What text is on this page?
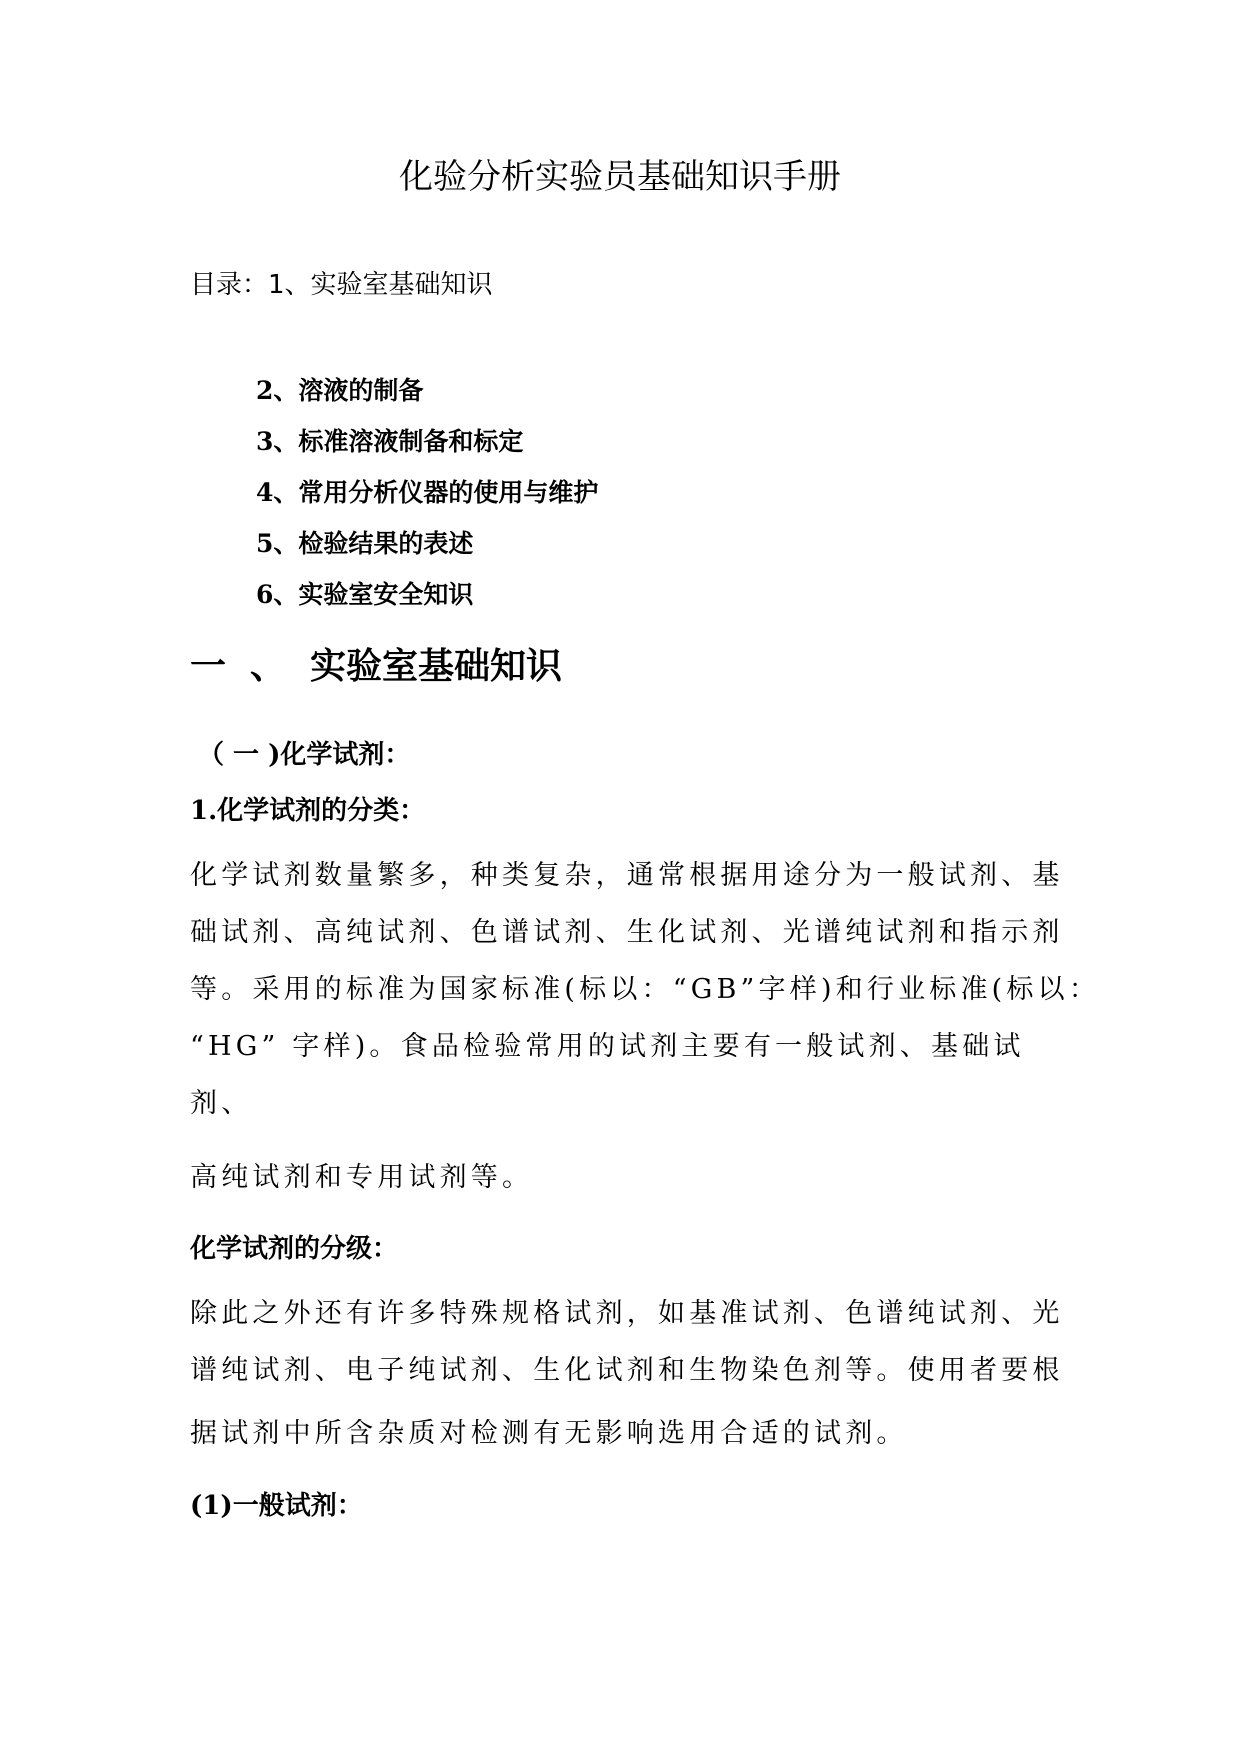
化验分析实验员基础知识手册
目录：1、实验室基础知识
2、溶液的制备
3、标准溶液制备和标定
4、常用分析仪器的使用与维护
5、检验结果的表述
6、实验室安全知识
一 、 实验室基础知识
（ 一 )化学试剂：
1.化学试剂的分类：
化学试剂数量繁多，种类复杂，通常根据用途分为一般试剂、基
础试剂、高纯试剂、色谱试剂、生化试剂、光谱纯试剂和指示剂
等。采用的标准为国家标准(标以：“GB”字样)和行业标准(标以：
“HG” 字样)。食品检验常用的试剂主要有一般试剂、基础试
剂、
高纯试剂和专用试剂等。
化学试剂的分级：
除此之外还有许多特殊规格试剂，如基准试剂、色谱纯试剂、光
谱纯试剂、电子纯试剂、生化试剂和生物染色剂等。使用者要根
据试剂中所含杂质对检测有无影响选用合适的试剂。
(1)一般试剂：
